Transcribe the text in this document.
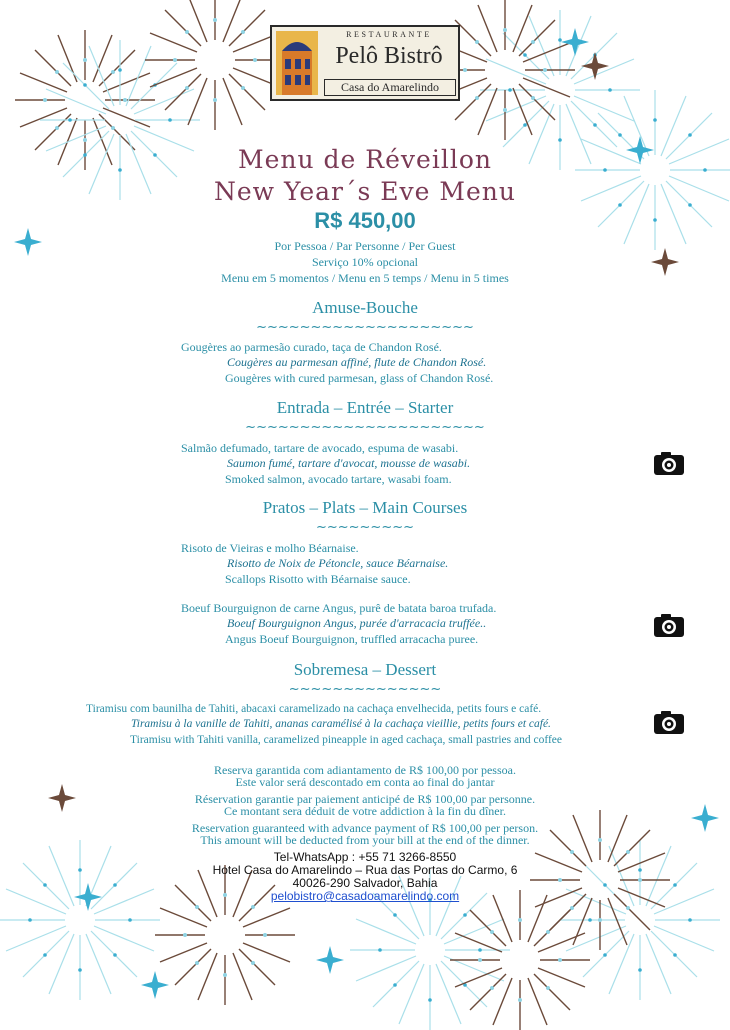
RESTAURANTE
Pelô Bistrô
Casa do Amarelindo
Menu de Réveillon
New Year´s Eve Menu
R$ 450,00
Por Pessoa / Par Personne / Per Guest
Serviço 10% opcional
Menu em 5 momentos / Menu en 5 temps / Menu in 5 times
Amuse-Bouche
~~~~~~~~~~~~~~~~~~~~
Gougères ao parmesão curado, taça de Chandon Rosé.
Cougères au parmesan affiné, flute de Chandon Rosé.
Gougères with cured parmesan, glass of Chandon Rosé.
Entrada – Entrée – Starter
~~~~~~~~~~~~~~~~~~~~~~
Salmão defumado, tartare de avocado, espuma de wasabi.
Saumon fumé, tartare d'avocat, mousse de wasabi.
Smoked salmon, avocado tartare, wasabi foam.
Pratos – Plats – Main Courses
~~~~~~~~~
Risoto de Vieiras e molho Béarnaise.
Risotto de Noix de Pétoncle, sauce Béarnaise.
Scallops Risotto with Béarnaise sauce.
Boeuf Bourguignon de carne Angus, purê de batata baroa trufada.
Boeuf Bourguignon Angus, purée d'arracacia truffée..
Angus Boeuf Bourguignon, truffled arracacha puree.
Sobremesa – Dessert
~~~~~~~~~~~~~~
Tiramisu com baunilha de Tahiti, abacaxi caramelizado na cachaça envelhecida, petits fours e café.
Tiramisu à la vanille de Tahiti, ananas caramélisé à la cachaça vieillie, petits fours et café.
Tiramisu with Tahiti vanilla, caramelized pineapple in aged cachaça, small pastries and coffee
Reserva garantida com adiantamento de R$ 100,00 por pessoa.
Este valor será descontado em conta ao final do jantar
Réservation garantie par paiement anticipé de R$ 100,00 par personne.
Ce montant sera déduit de votre addiction à la fin du dîner.
Reservation guaranteed with advance payment of R$ 100,00 per person.
This amount will be deducted from your bill at the end of the dinner.
Tel-WhatsApp : +55 71 3266-8550
Hotel Casa do Amarelindo – Rua das Portas do Carmo, 6
40026-290 Salvador, Bahia
pelobistro@casadoamarelindo.com
